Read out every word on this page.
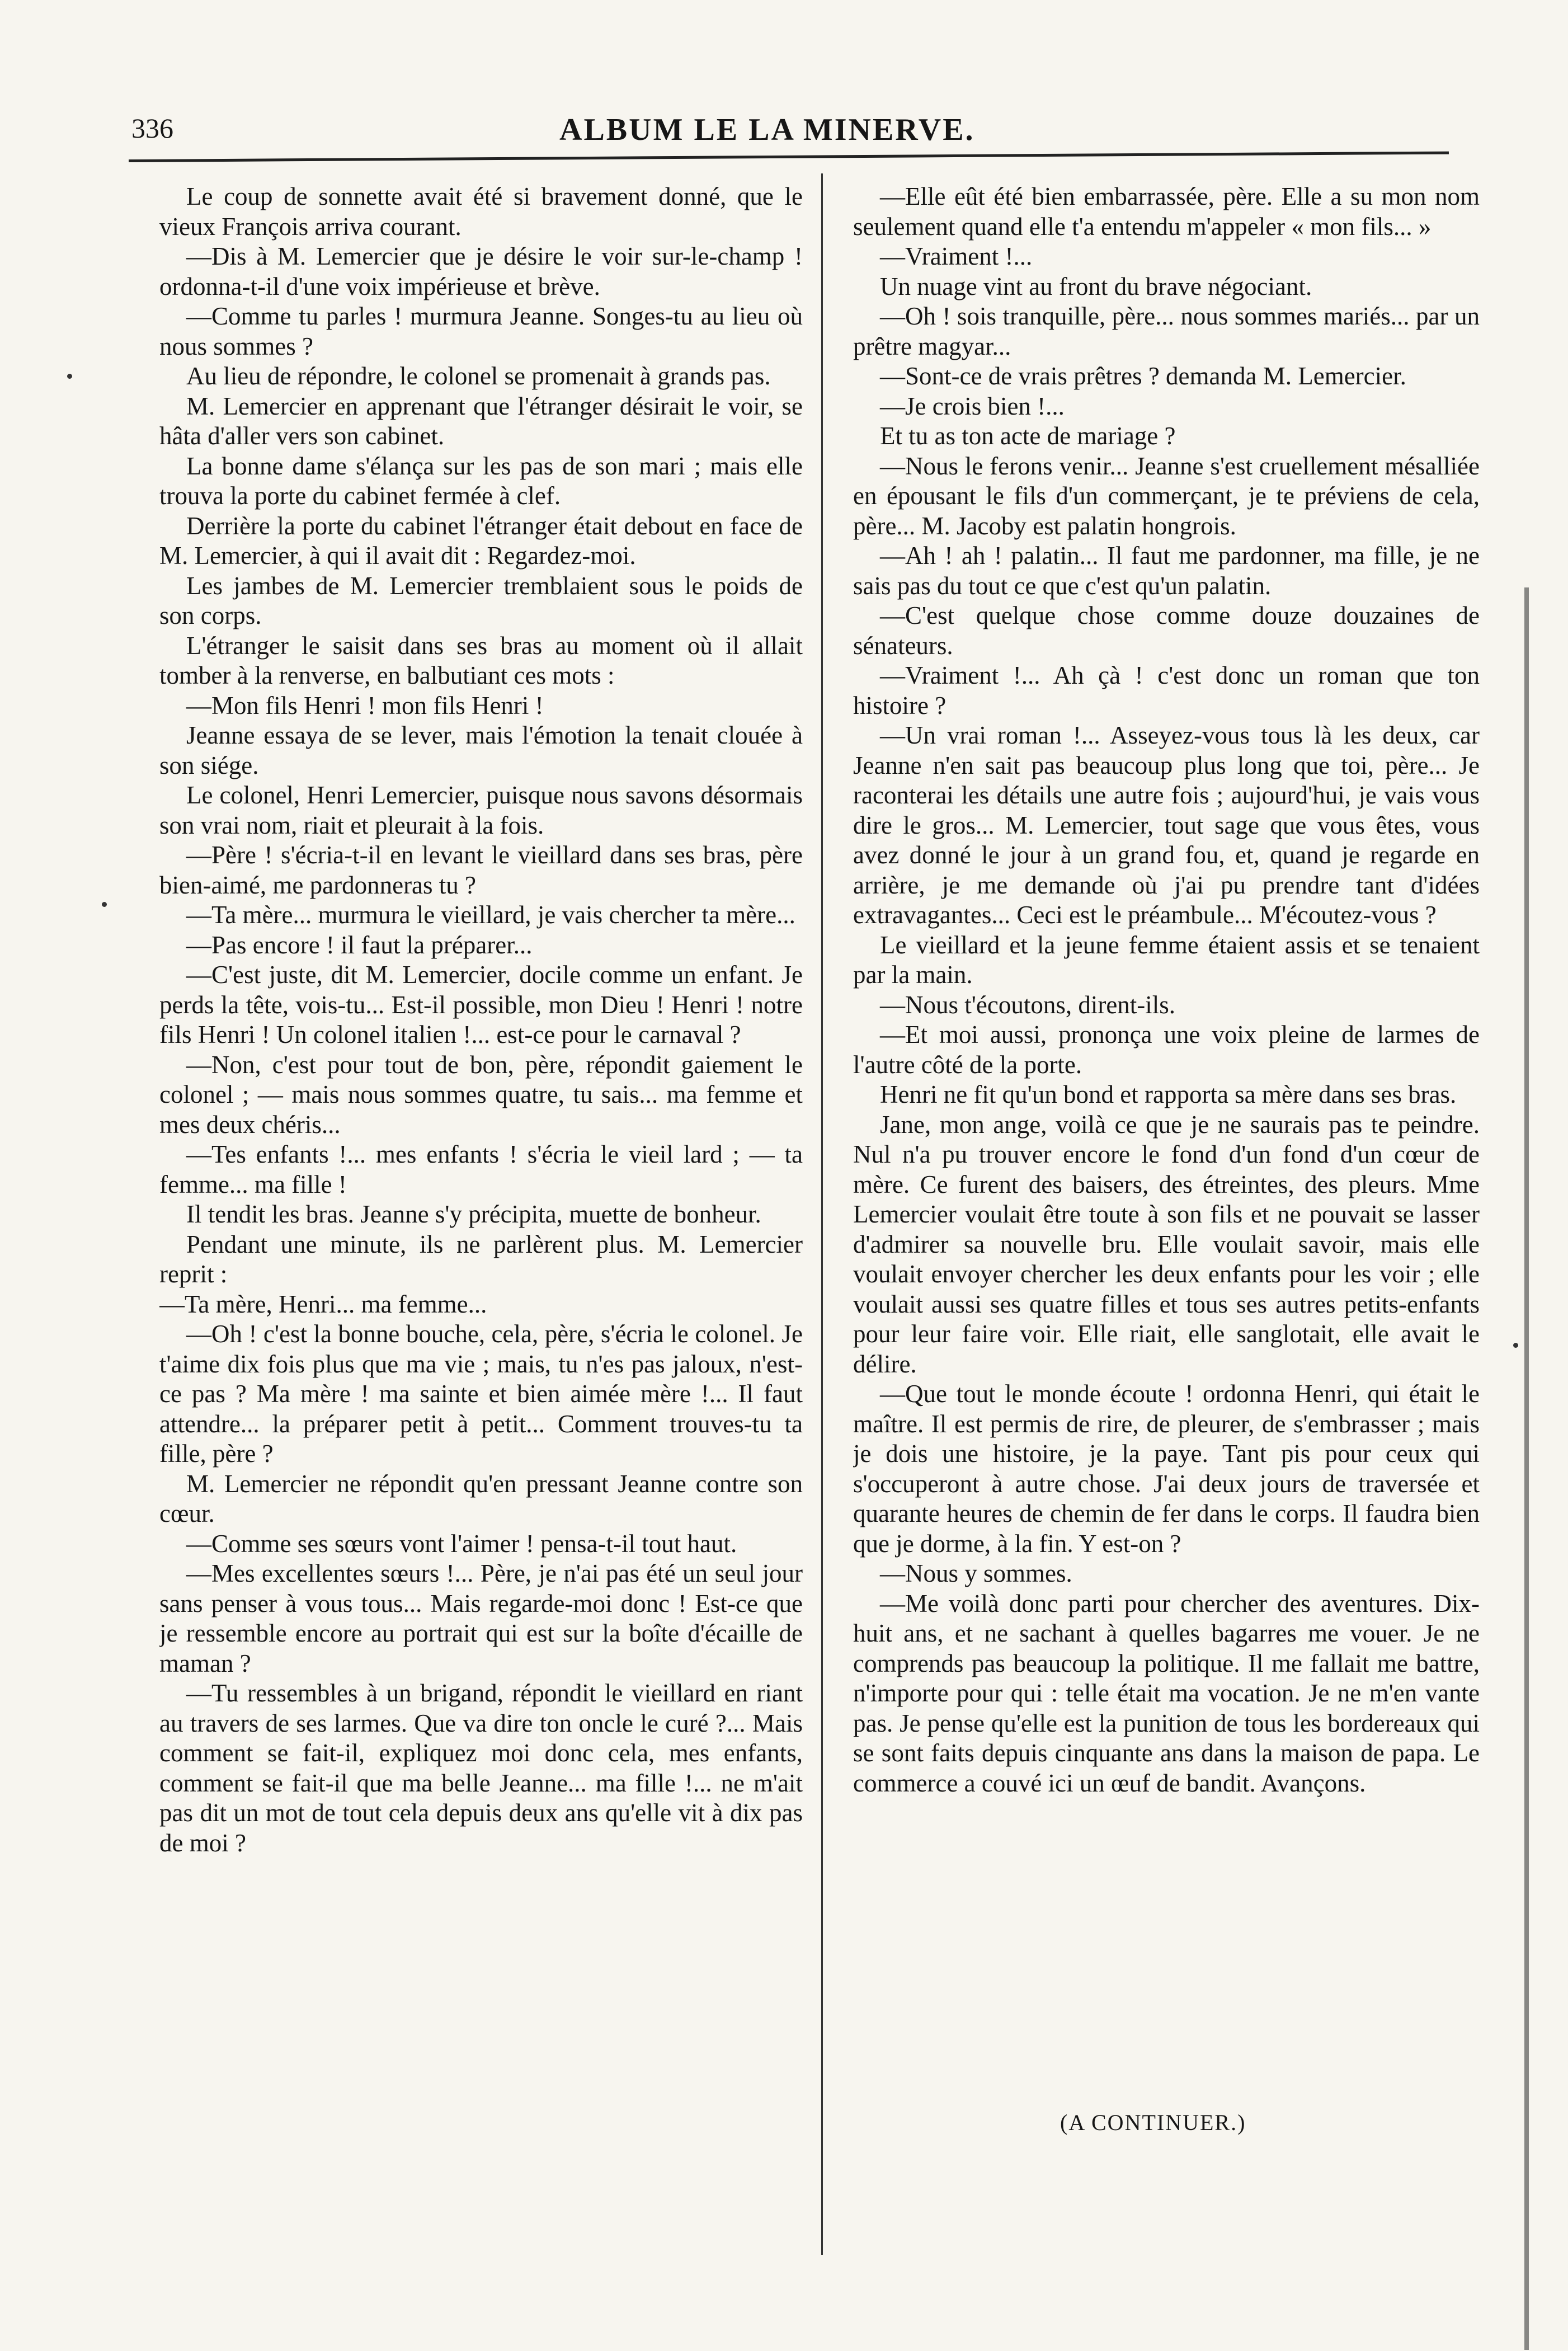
336	ALBUM LE LA MINERVE.

Le coup de sonnette avait été si bravement donné, que le vieux François arriva courant.

—Dis à M. Lemercier que je désire le voir sur-le-champ ! ordonna-t-il d'une voix impérieuse et brève.

—Comme tu parles ! murmura Jeanne. Songes-tu au lieu où nous sommes ?

Au lieu de répondre, le colonel se promenait à grands pas.

M. Lemercier en apprenant que l'étranger désirait le voir, se hâta d'aller vers son cabinet.

La bonne dame s'élança sur les pas de son mari ; mais elle trouva la porte du cabinet fermée à clef.

Derrière la porte du cabinet l'étranger était debout en face de M. Lemercier, à qui il avait dit : Regardez-moi.

Les jambes de M. Lemercier tremblaient sous le poids de son corps.

L'étranger le saisit dans ses bras au moment où il allait tomber à la renverse, en balbutiant ces mots :

—Mon fils Henri ! mon fils Henri !

Jeanne essaya de se lever, mais l'émotion la tenait clouée à son siége.

Le colonel, Henri Lemercier, puisque nous savons désormais son vrai nom, riait et pleurait à la fois.

—Père ! s'écria-t-il en levant le vieillard dans ses bras, père bien-aimé, me pardonneras tu ?

—Ta mère... murmura le vieillard, je vais chercher ta mère...

—Pas encore ! il faut la préparer...

—C'est juste, dit M. Lemercier, docile comme un enfant. Je perds la tête, vois-tu... Est-il possible, mon Dieu ! Henri ! notre fils Henri ! Un colonel italien !... est-ce pour le carnaval ?

—Non, c'est pour tout de bon, père, répondit gaiement le colonel ; — mais nous sommes quatre, tu sais... ma femme et mes deux chéris...

—Tes enfants !... mes enfants ! s'écria le vieil lard ; — ta femme... ma fille !

Il tendit les bras. Jeanne s'y précipita, muette de bonheur.

Pendant une minute, ils ne parlèrent plus. M. Lemercier reprit :

—Ta mère, Henri... ma femme...

—Oh ! c'est la bonne bouche, cela, père, s'écria le colonel. Je t'aime dix fois plus que ma vie ; mais, tu n'es pas jaloux, n'est-ce pas ? Ma mère ! ma sainte et bien aimée mère !... Il faut attendre... la préparer petit à petit... Comment trouves-tu ta fille, père ?

M. Lemercier ne répondit qu'en pressant Jeanne contre son cœur.

—Comme ses sœurs vont l'aimer ! pensa-t-il tout haut.

—Mes excellentes sœurs !... Père, je n'ai pas été un seul jour sans penser à vous tous... Mais regarde-moi donc ! Est-ce que je ressemble encore au portrait qui est sur la boîte d'écaille de maman ?

—Tu ressembles à un brigand, répondit le vieillard en riant au travers de ses larmes. Que va dire ton oncle le curé ?... Mais comment se fait-il, expliquez moi donc cela, mes enfants, comment se fait-il que ma belle Jeanne... ma fille !... ne m'ait pas dit un mot de tout cela depuis deux ans qu'elle vit à dix pas de moi ?

—Elle eût été bien embarrassée, père. Elle a su mon nom seulement quand elle t'a entendu m'appeler « mon fils... »

—Vraiment !...

Un nuage vint au front du brave négociant.

—Oh ! sois tranquille, père... nous sommes mariés... par un prêtre magyar...

—Sont-ce de vrais prêtres ? demanda M. Lemercier.

—Je crois bien !...

Et tu as ton acte de mariage ?

—Nous le ferons venir... Jeanne s'est cruellement mésalliée en épousant le fils d'un commerçant, je te préviens de cela, père... M. Jacoby est palatin hongrois.

—Ah ! ah ! palatin... Il faut me pardonner, ma fille, je ne sais pas du tout ce que c'est qu'un palatin.

—C'est quelque chose comme douze douzaines de sénateurs.

—Vraiment !... Ah çà ! c'est donc un roman que ton histoire ?

—Un vrai roman !... Asseyez-vous tous là les deux, car Jeanne n'en sait pas beaucoup plus long que toi, père... Je raconterai les détails une autre fois ; aujourd'hui, je vais vous dire le gros... M. Lemercier, tout sage que vous êtes, vous avez donné le jour à un grand fou, et, quand je regarde en arrière, je me demande où j'ai pu prendre tant d'idées extravagantes... Ceci est le préambule... M'écoutez-vous ?

Le vieillard et la jeune femme étaient assis et se tenaient par la main.

—Nous t'écoutons, dirent-ils.

—Et moi aussi, prononça une voix pleine de larmes de l'autre côté de la porte.

Henri ne fit qu'un bond et rapporta sa mère dans ses bras.

Jane, mon ange, voilà ce que je ne saurais pas te peindre. Nul n'a pu trouver encore le fond d'un fond d'un cœur de mère. Ce furent des baisers, des étreintes, des pleurs. Mme Lemercier voulait être toute à son fils et ne pouvait se lasser d'admirer sa nouvelle bru. Elle voulait savoir, mais elle voulait envoyer chercher les deux enfants pour les voir ; elle voulait aussi ses quatre filles et tous ses autres petits-enfants pour leur faire voir. Elle riait, elle sanglotait, elle avait le délire.

—Que tout le monde écoute ! ordonna Henri, qui était le maître. Il est permis de rire, de pleurer, de s'embrasser ; mais je dois une histoire, je la paye. Tant pis pour ceux qui s'occuperont à autre chose. J'ai deux jours de traversée et quarante heures de chemin de fer dans le corps. Il faudra bien que je dorme, à la fin. Y est-on ?

—Nous y sommes.

—Me voilà donc parti pour chercher des aventures. Dix-huit ans, et ne sachant à quelles bagarres me vouer. Je ne comprends pas beaucoup la politique. Il me fallait me battre, n'importe pour qui : telle était ma vocation. Je ne m'en vante pas. Je pense qu'elle est la punition de tous les bordereaux qui se sont faits depuis cinquante ans dans la maison de papa. Le commerce a couvé ici un œuf de bandit. Avançons.

(A CONTINUER.)
